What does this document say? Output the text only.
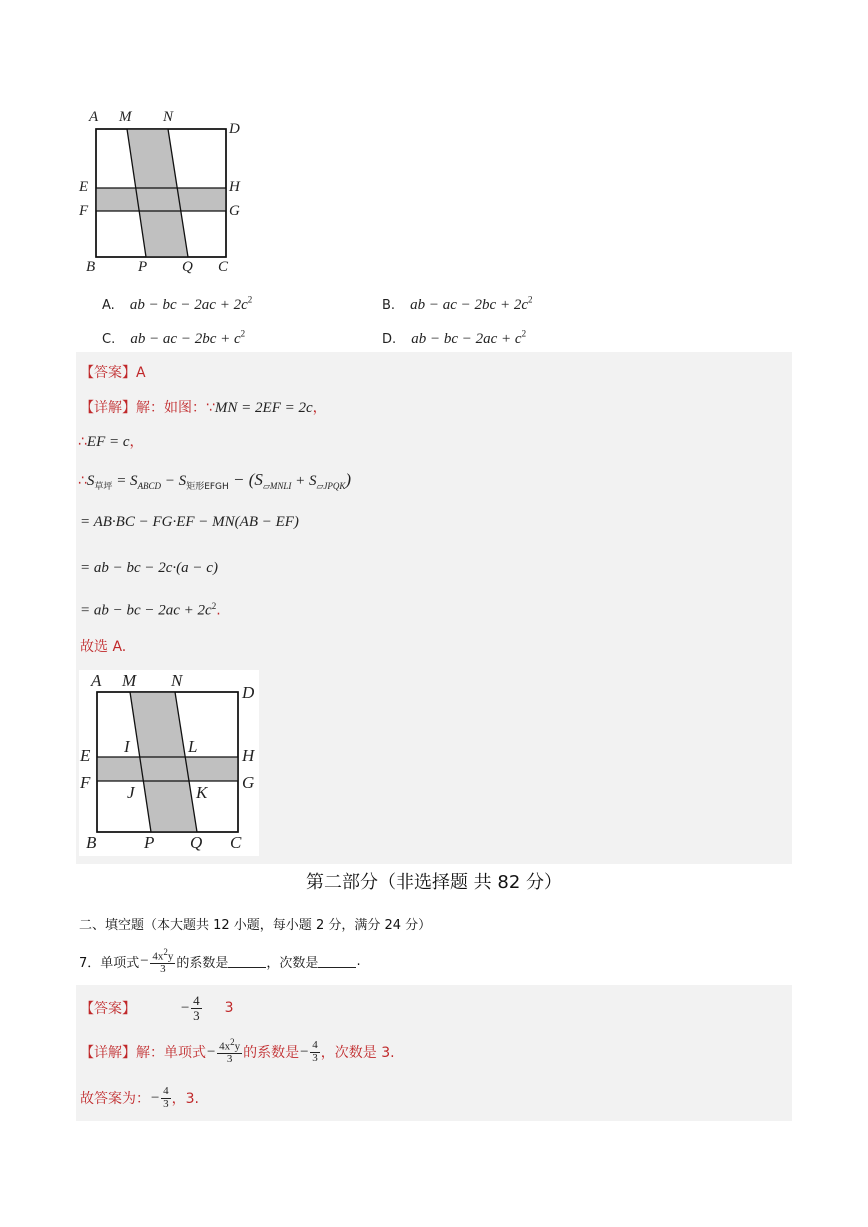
A M N
D
E	H
F	G
B	P Q C
A. ab − bc − $2ac + 2c^2$	B. ab − ac − $2bc + 2c^2$
C. ab − ac − $2bc + c^2$	D. ab − bc − $2ac + c^2$
【答案】A
【详解】解：如图：∵MN = 2EF = 2c，
∴EF = c，
$\therefore S_{草坪} = S_{ABCD} - S_{矩形EFGH} - (S_{▱MNLI} + S_{▱JPQK})$
= AB·BC − FG·EF − MN(AB − EF)
= ab − bc − 2c·(a − c)
= ab − bc − $2ac + 2c^2$.
故选 A.
A M N
D
I	L
E	H
F	G
J	K
B	P Q C
第二部分（非选择题 共 82 分）
二、填空题（本大题共 12 小题，每小题 2 分，满分 24 分）
7．单项式 − $\frac{4x^2y}{3}$ 的系数是	，次数是	.
【答案】	− $\frac{4}{3} 3$
【详解】 解：单项式 − $\frac{4x^2y}{3}$ 的系数是 − $\frac{4}{3}$ ，次数是 3.
故答案为： − $\frac{4}{3}$ ，3.
